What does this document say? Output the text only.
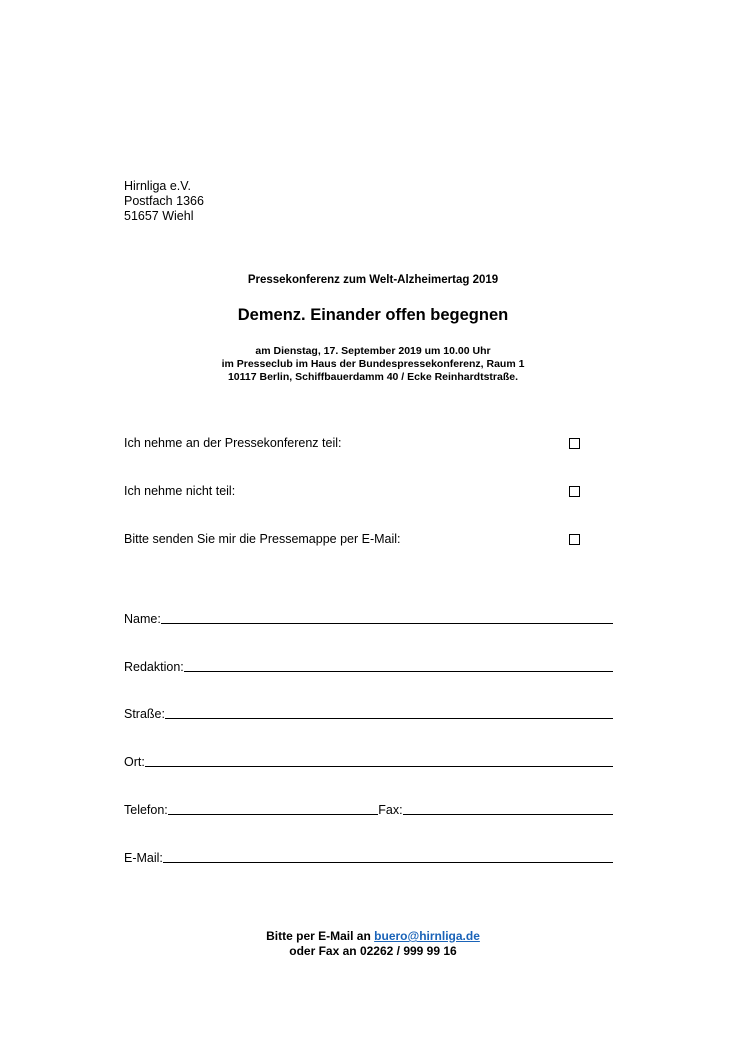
Hirnliga e.V.
Postfach 1366
51657 Wiehl
Pressekonferenz zum Welt-Alzheimertag 2019
Demenz. Einander offen begegnen
am Dienstag, 17. September 2019 um 10.00 Uhr
im Presseclub im Haus der Bundespressekonferenz, Raum 1
10117 Berlin, Schiffbauerdamm 40 / Ecke Reinhardtstraße.
Ich nehme an der Pressekonferenz teil:
Ich nehme nicht teil:
Bitte senden Sie mir die Pressemappe per E-Mail:
Name:
Redaktion:
Straße:
Ort:
Telefon:	Fax:
E-Mail:
Bitte per E-Mail an buero@hirnliga.de
oder Fax an 02262 / 999 99 16
